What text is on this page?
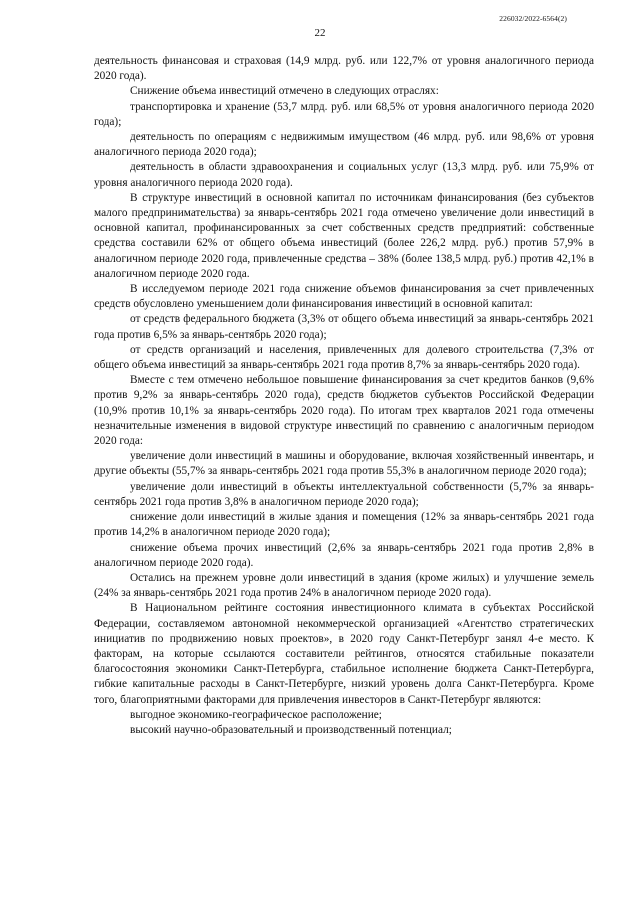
226032/2022-6564(2)
22

деятельность финансовая и страховая (14,9 млрд. руб. или 122,7% от уровня аналогичного периода 2020 года).

Снижение объема инвестиций отмечено в следующих отраслях:

транспортировка и хранение (53,7 млрд. руб. или 68,5% от уровня аналогичного периода 2020 года);

деятельность по операциям с недвижимым имуществом (46 млрд. руб. или 98,6% от уровня аналогичного периода 2020 года);

деятельность в области здравоохранения и социальных услуг (13,3 млрд. руб. или 75,9% от уровня аналогичного периода 2020 года).

В структуре инвестиций в основной капитал по источникам финансирования (без субъектов малого предпринимательства) за январь-сентябрь 2021 года отмечено увеличение доли инвестиций в основной капитал, профинансированных за счет собственных средств предприятий: собственные средства составили 62% от общего объема инвестиций (более 226,2 млрд. руб.) против 57,9% в аналогичном периоде 2020 года, привлеченные средства – 38% (более 138,5 млрд. руб.) против 42,1% в аналогичном периоде 2020 года.

В исследуемом периоде 2021 года снижение объемов финансирования за счет привлеченных средств обусловлено уменьшением доли финансирования инвестиций в основной капитал:

от средств федерального бюджета (3,3% от общего объема инвестиций за январь-сентябрь 2021 года против 6,5% за январь-сентябрь 2020 года);

от средств организаций и населения, привлеченных для долевого строительства (7,3% от общего объема инвестиций за январь-сентябрь 2021 года против 8,7% за январь-сентябрь 2020 года).

Вместе с тем отмечено небольшое повышение финансирования за счет кредитов банков (9,6% против 9,2% за январь-сентябрь 2020 года), средств бюджетов субъектов Российской Федерации (10,9% против 10,1% за январь-сентябрь 2020 года). По итогам трех кварталов 2021 года отмечены незначительные изменения в видовой структуре инвестиций по сравнению с аналогичным периодом 2020 года:

увеличение доли инвестиций в машины и оборудование, включая хозяйственный инвентарь, и другие объекты (55,7% за январь-сентябрь 2021 года против 55,3% в аналогичном периоде 2020 года);

увеличение доли инвестиций в объекты интеллектуальной собственности (5,7% за январь-сентябрь 2021 года против 3,8% в аналогичном периоде 2020 года);

снижение доли инвестиций в жилые здания и помещения (12% за январь-сентябрь 2021 года против 14,2% в аналогичном периоде 2020 года);

снижение объема прочих инвестиций (2,6% за январь-сентябрь 2021 года против 2,8% в аналогичном периоде 2020 года).

Остались на прежнем уровне доли инвестиций в здания (кроме жилых) и улучшение земель (24% за январь-сентябрь 2021 года против 24% в аналогичном периоде 2020 года).

В Национальном рейтинге состояния инвестиционного климата в субъектах Российской Федерации, составляемом автономной некоммерческой организацией «Агентство стратегических инициатив по продвижению новых проектов», в 2020 году Санкт-Петербург занял 4-е место. К факторам, на которые ссылаются составители рейтингов, относятся стабильные показатели благосостояния экономики Санкт-Петербурга, стабильное исполнение бюджета Санкт-Петербурга, гибкие капитальные расходы в Санкт-Петербурге, низкий уровень долга Санкт-Петербурга. Кроме того, благоприятными факторами для привлечения инвесторов в Санкт-Петербург являются:

выгодное экономико-географическое расположение;

высокий научно-образовательный и производственный потенциал;
